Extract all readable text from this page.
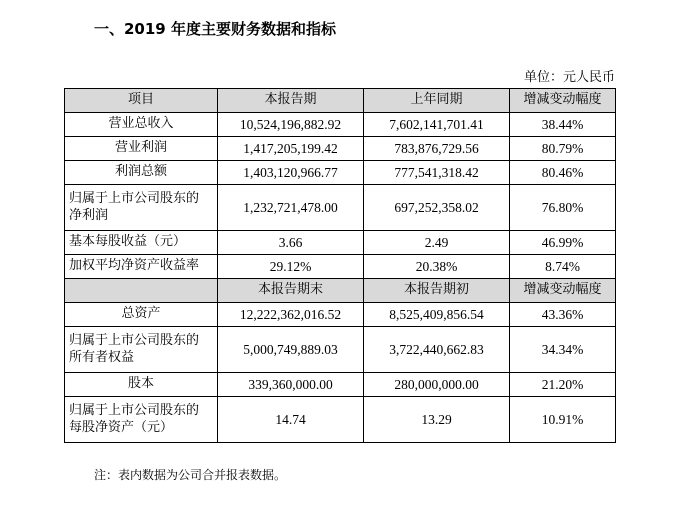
一、2019 年度主要财务数据和指标
单位：元人民币
项目	本报告期	上年同期	增减变动幅度
营业总收入	10,524,196,882.92	7,602,141,701.41	38.44%
营业利润	1,417,205,199.42	783,876,729.56	80.79%
利润总额	1,403,120,966.77	777,541,318.42	80.46%

归属于上市公司股东的
净利润	1,232,721,478.00	697,252,358.02	76.80%
基本每股收益（元）	3.66	2.49	46.99%
加权平均净资产收益率	29.12%	20.38%	8.74%
	本报告期末	本报告期初	增减变动幅度
总资产	12,222,362,016.52	8,525,409,856.54	43.36%

归属于上市公司股东的
所有者权益	5,000,749,889.03	3,722,440,662.83	34.34%
股本	339,360,000.00	280,000,000.00	21.20%

归属于上市公司股东的
每股净资产（元）	14.74	13.29	10.91%
注：表内数据为公司合并报表数据。
